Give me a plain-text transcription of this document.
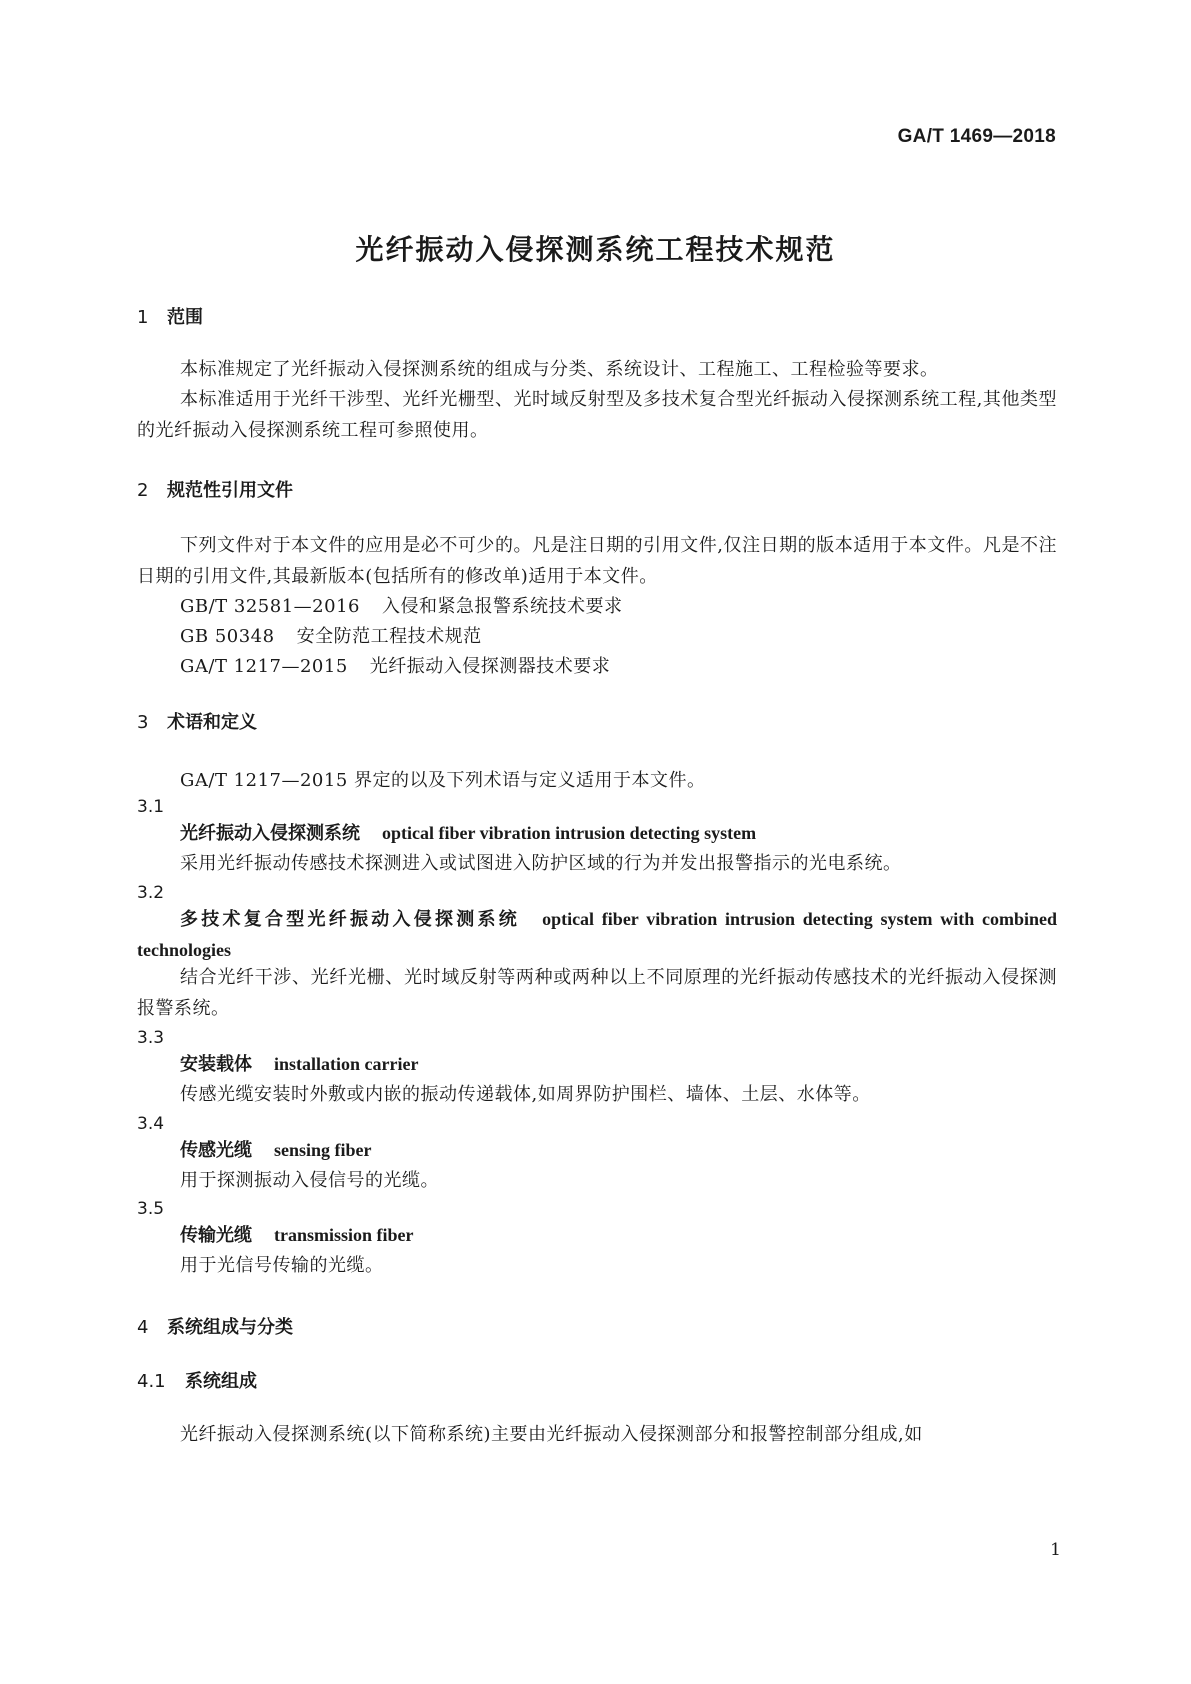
GA/T 1469—2018
光纤振动入侵探测系统工程技术规范
1 范围
本标准规定了光纤振动入侵探测系统的组成与分类、系统设计、工程施工、工程检验等要求。
本标准适用于光纤干涉型、光纤光栅型、光时域反射型及多技术复合型光纤振动入侵探测系统工程,其他类型的光纤振动入侵探测系统工程可参照使用。
2 规范性引用文件
下列文件对于本文件的应用是必不可少的。凡是注日期的引用文件,仅注日期的版本适用于本文件。凡是不注日期的引用文件,其最新版本(包括所有的修改单)适用于本文件。
GB/T 32581—2016 入侵和紧急报警系统技术要求
GB 50348 安全防范工程技术规范
GA/T 1217—2015 光纤振动入侵探测器技术要求
3 术语和定义
GA/T 1217—2015 界定的以及下列术语与定义适用于本文件。
3.1
光纤振动入侵探测系统 optical fiber vibration intrusion detecting system
采用光纤振动传感技术探测进入或试图进入防护区域的行为并发出报警指示的光电系统。
3.2
多技术复合型光纤振动入侵探测系统 optical fiber vibration intrusion detecting system with combined technologies
结合光纤干涉、光纤光栅、光时域反射等两种或两种以上不同原理的光纤振动传感技术的光纤振动入侵探测报警系统。
3.3
安装载体 installation carrier
传感光缆安装时外敷或内嵌的振动传递载体,如周界防护围栏、墙体、土层、水体等。
3.4
传感光缆 sensing fiber
用于探测振动入侵信号的光缆。
3.5
传输光缆 transmission fiber
用于光信号传输的光缆。
4 系统组成与分类
4.1 系统组成
光纤振动入侵探测系统(以下简称系统)主要由光纤振动入侵探测部分和报警控制部分组成,如
1
